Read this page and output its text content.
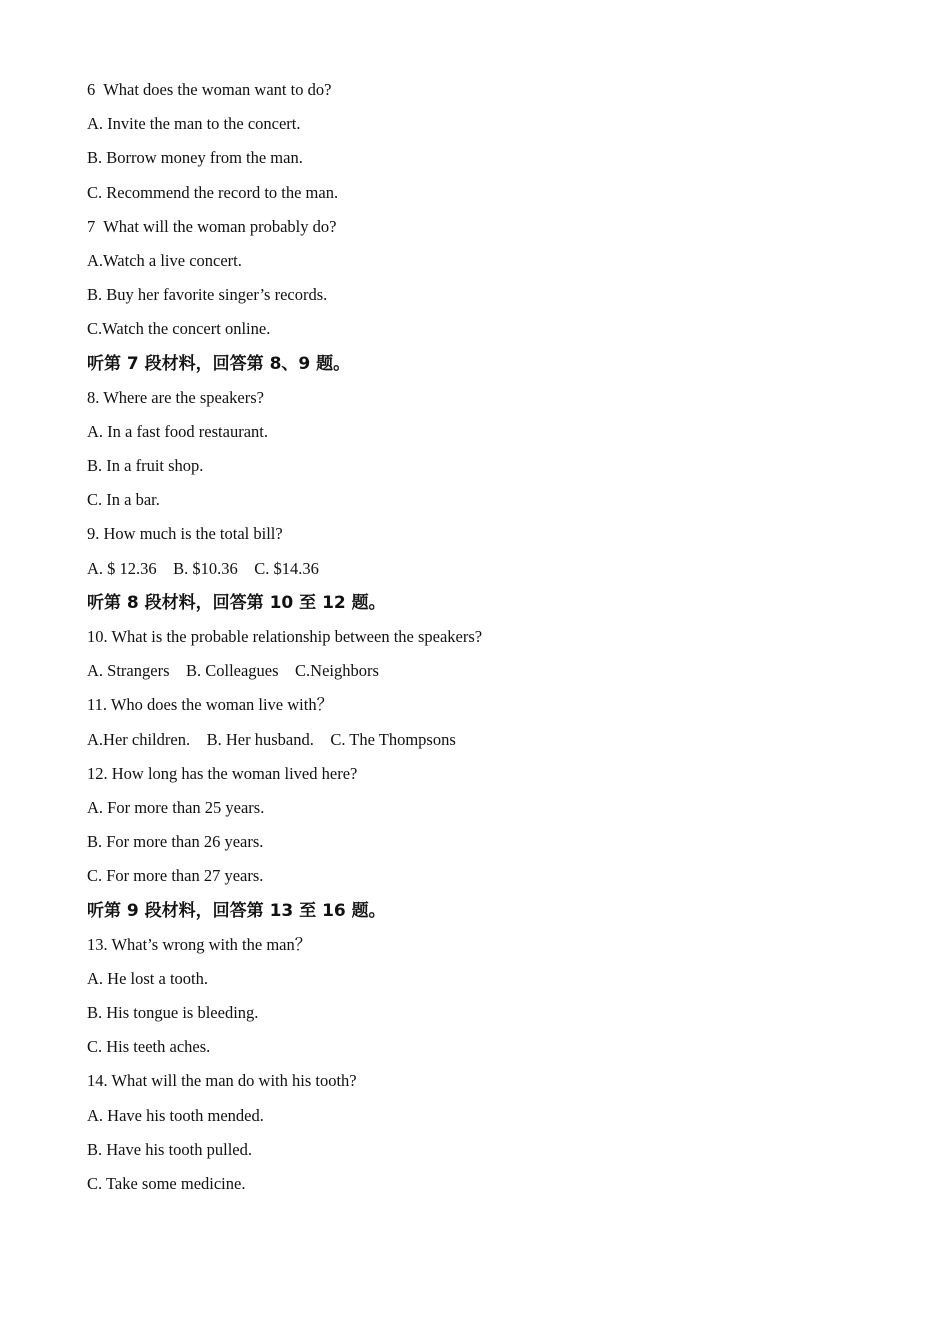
6  What does the woman want to do?

A. Invite the man to the concert.

B. Borrow money from the man.

C. Recommend the record to the man.

7  What will the woman probably do?

A.Watch a live concert.

B. Buy her favorite singer’s records.

C.Watch the concert online.

听第 7 段材料，回答第 8、9 题。

8. Where are the speakers?

A. In a fast food restaurant.

B. In a fruit shop.

C. In a bar.

9. How much is the total bill?

A. $ 12.36    B. $10.36    C. $14.36

听第 8 段材料，回答第 10 至 12 题。

10. What is the probable relationship between the speakers?

A. Strangers    B. Colleagues    C.Neighbors

11. Who does the woman live with？

A.Her children.    B. Her husband.    C. The Thompsons

12. How long has the woman lived here?

A. For more than 25 years.

B. For more than 26 years.

C. For more than 27 years.

听第 9 段材料，回答第 13 至 16 题。

13. What’s wrong with the man？

A. He lost a tooth.

B. His tongue is bleeding.

C. His teeth aches.

14. What will the man do with his tooth?

A. Have his tooth mended.

B. Have his tooth pulled.

C. Take some medicine.
